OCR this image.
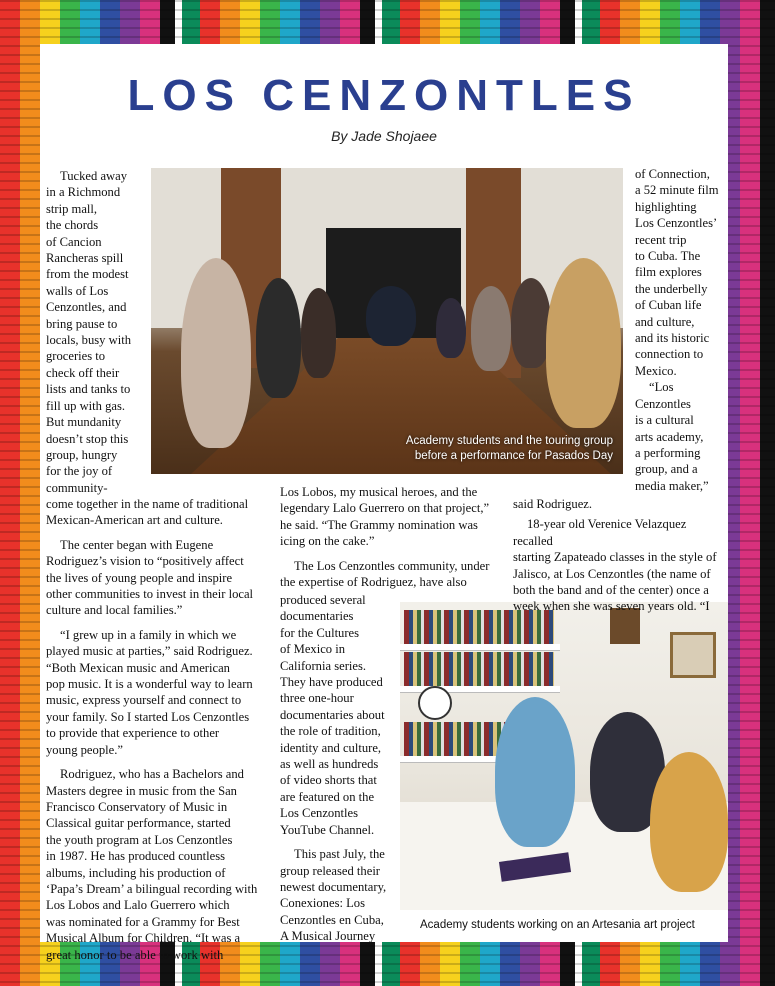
LOS CENZONTLES
By Jade Shojaee
Academy students and the touring group
before a performance for Pasados Day

Tucked away

in a Richmond

strip mall,

the chords

of Cancion

Rancheras spill

from the modest

walls of Los

Cenzontles, and

bring pause to

locals, busy with

groceries to

check off their

lists and tanks to

fill up with gas.

But mundanity

doesn’t stop this

group, hungry

for the joy of

community-

come together in the name of traditional

Mexican-American art and culture.

The center began with Eugene

Rodriguez’s vision to “positively affect

the lives of young people and inspire

other communities to invest in their local

culture and local families.”

“I grew up in a family in which we

played music at parties,” said Rodriguez.

“Both Mexican music and American

pop music. It is a wonderful way to learn

music, express yourself and connect to

your family. So I started Los Cenzontles

to provide that experience to other

young people.”

Rodriguez, who has a Bachelors and

Masters degree in music from the San

Francisco Conservatory of Music in

Classical guitar performance, started

the youth program at Los Cenzontles

in 1987. He has produced countless

albums, including his production of

‘Papa’s Dream’ a bilingual recording with

Los Lobos and Lalo Guerrero which

was nominated for a Grammy for Best

Musical Album for Children. “It was a

great honor to be able to work with

Los Lobos, my musical heroes, and the

legendary Lalo Guerrero on that project,”

he said. “The Grammy nomination was

icing on the cake.”

The Los Cenzontles community, under

the expertise of Rodriguez, have also

produced several

documentaries

for the Cultures

of Mexico in

California series.

They have produced

three one-hour

documentaries about

the role of tradition,

identity and culture,

as well as hundreds

of video shorts that

are featured on the

Los Cenzontles

YouTube Channel.

This past July, the

group released their

newest documentary,

Conexiones: Los

Cenzontles en Cuba,

A Musical Journey

of Connection,

a 52 minute film

highlighting

Los Cenzontles’

recent trip

to Cuba. The

film explores

the underbelly

of Cuban life

and culture,

and its historic

connection to

Mexico.

“Los

Cenzontles

is a cultural

arts academy,

a performing

group, and a

media maker,”

said Rodriguez.

18-year old Verenice Velazquez recalled

starting Zapateado classes in the style of

Jalisco, at Los Cenzontles (the name of

both the band and of the center) once a

week when she was seven years old. “I

Academy students working on an Artesania art project
